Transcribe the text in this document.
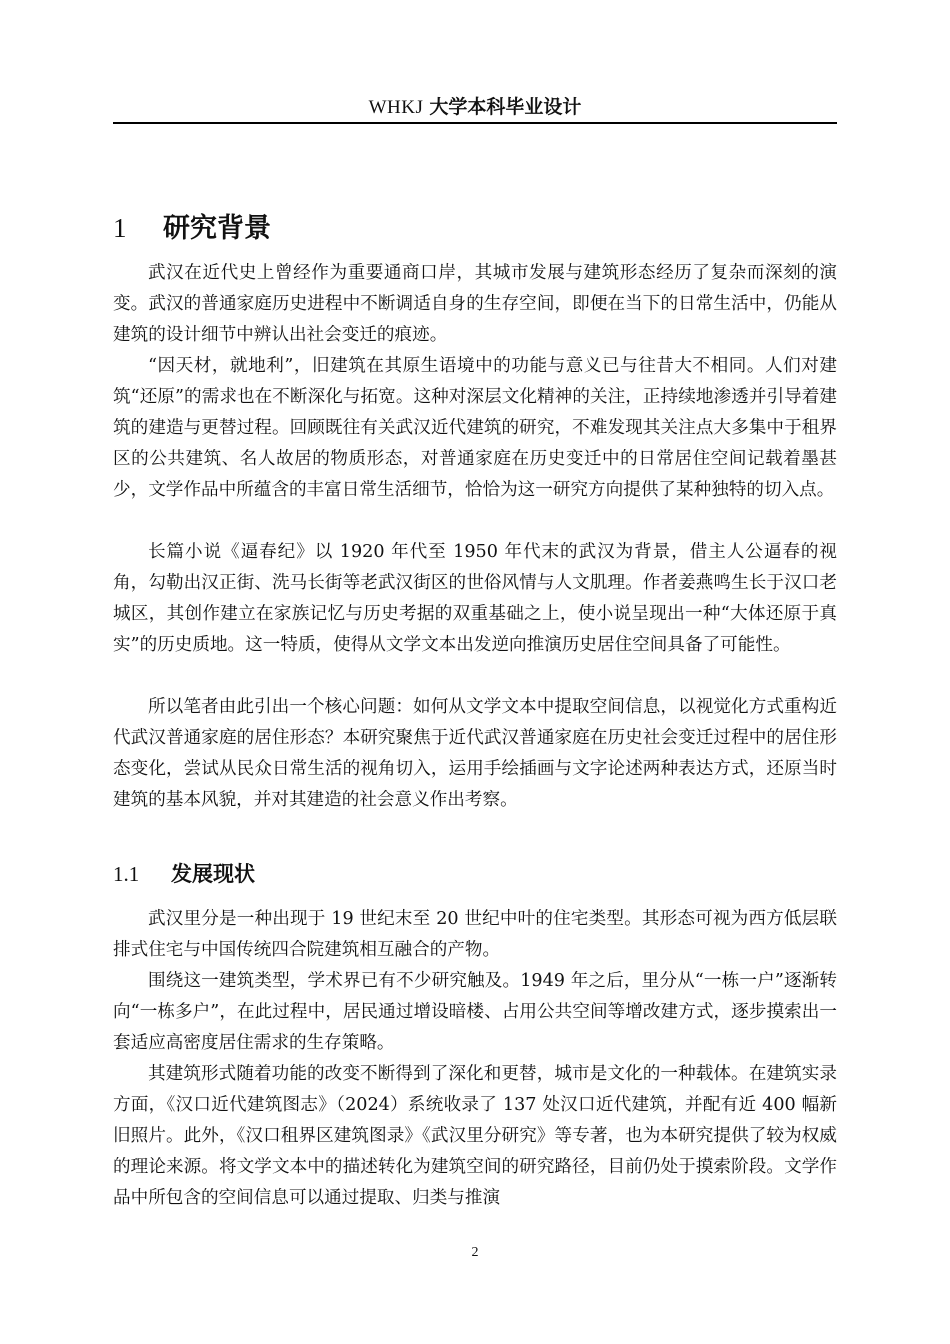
WHKJ 大学本科毕业设计
1 研究背景

武汉在近代史上曾经作为重要通商口岸，其城市发展与建筑形态经历了复杂而深刻的演变。武汉的普通家庭历史进程中不断调适自身的生存空间，即便在当下的日常生活中，仍能从建筑的设计细节中辨认出社会变迁的痕迹。

“因天材，就地利”，旧建筑在其原生语境中的功能与意义已与往昔大不相同。人们对建筑“还原”的需求也在不断深化与拓宽。这种对深层文化精神的关注，正持续地渗透并引导着建筑的建造与更替过程。回顾既往有关武汉近代建筑的研究，不难发现其关注点大多集中于租界区的公共建筑、名人故居的物质形态，对普通家庭在历史变迁中的日常居住空间记载着墨甚少，文学作品中所蕴含的丰富日常生活细节，恰恰为这一研究方向提供了某种独特的切入点。

长篇小说《逼春纪》以 1920 年代至 1950 年代末的武汉为背景，借主人公逼春的视角，勾勒出汉正街、洗马长街等老武汉街区的世俗风情与人文肌理。作者姜燕鸣生长于汉口老城区，其创作建立在家族记忆与历史考据的双重基础之上，使小说呈现出一种“大体还原于真实”的历史质地。这一特质，使得从文学文本出发逆向推演历史居住空间具备了可能性。

所以笔者由此引出一个核心问题：如何从文学文本中提取空间信息，以视觉化方式重构近代武汉普通家庭的居住形态？本研究聚焦于近代武汉普通家庭在历史社会变迁过程中的居住形态变化，尝试从民众日常生活的视角切入，运用手绘插画与文字论述两种表达方式，还原当时建筑的基本风貌，并对其建造的社会意义作出考察。

1.1 发展现状

武汉里分是一种出现于 19 世纪末至 20 世纪中叶的住宅类型。其形态可视为西方低层联排式住宅与中国传统四合院建筑相互融合的产物。

围绕这一建筑类型，学术界已有不少研究触及。1949 年之后，里分从“一栋一户”逐渐转向“一栋多户”，在此过程中，居民通过增设暗楼、占用公共空间等增改建方式，逐步摸索出一套适应高密度居住需求的生存策略。

其建筑形式随着功能的改变不断得到了深化和更替，城市是文化的一种载体。在建筑实录方面，《汉口近代建筑图志》（2024）系统收录了 137 处汉口近代建筑，并配有近 400 幅新旧照片。此外，《汉口租界区建筑图录》《武汉里分研究》等专著，也为本研究提供了较为权威的理论来源。将文学文本中的描述转化为建筑空间的研究路径，目前仍处于摸索阶段。文学作品中所包含的空间信息可以通过提取、归类与推演

2
